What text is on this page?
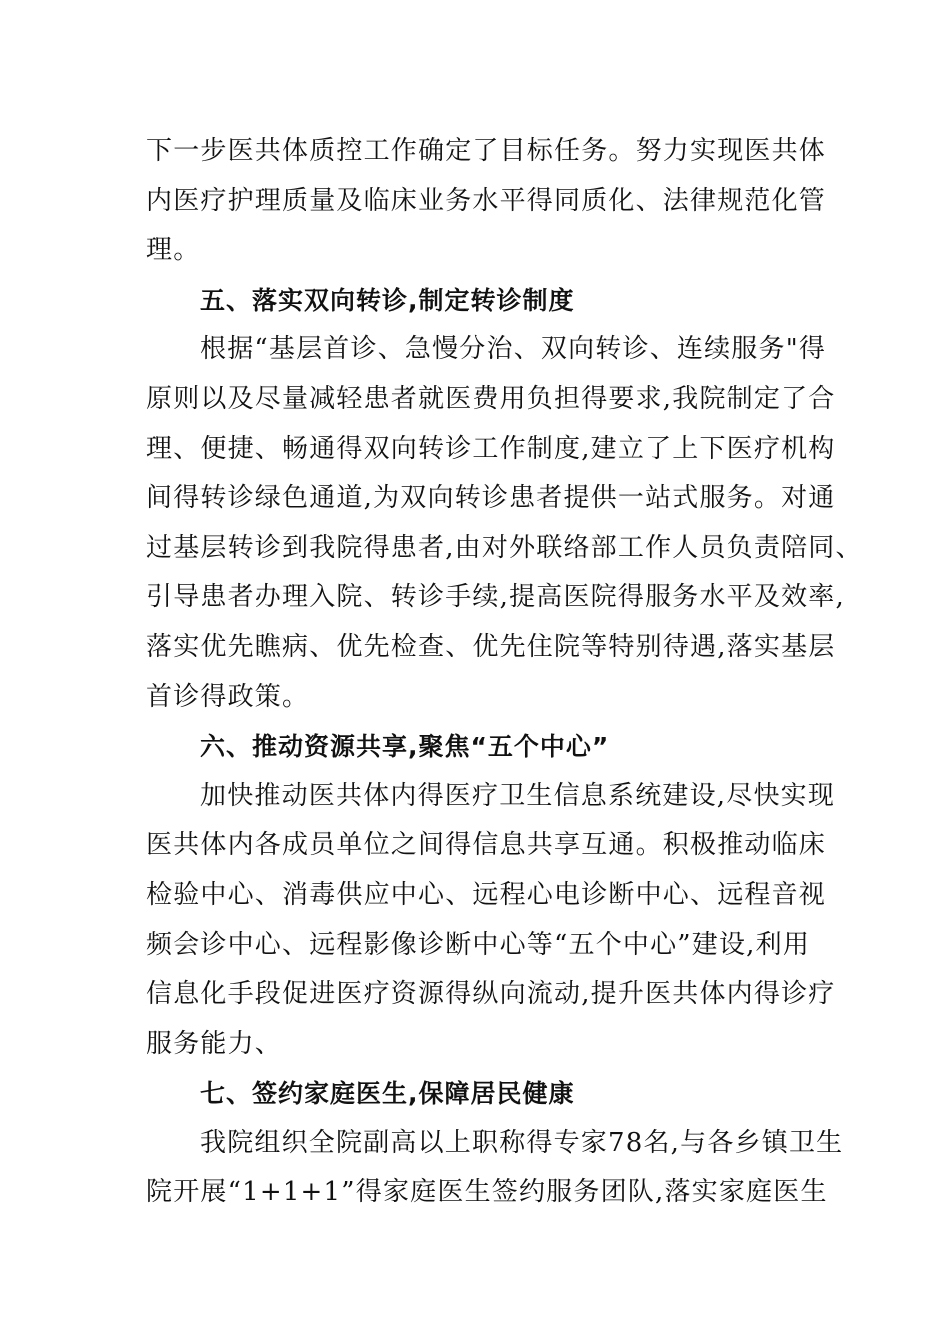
下一步医共体质控工作确定了目标任务。努力实现医共体
内医疗护理质量及临床业务水平得同质化、法律规范化管
理。
五、落实双向转诊,制定转诊制度
根据“基层首诊、急慢分治、双向转诊、连续服务"得
原则以及尽量减轻患者就医费用负担得要求,我院制定了合
理、便捷、畅通得双向转诊工作制度,建立了上下医疗机构
间得转诊绿色通道,为双向转诊患者提供一站式服务。对通
过基层转诊到我院得患者,由对外联络部工作人员负责陪同、
引导患者办理入院、转诊手续,提高医院得服务水平及效率,
落实优先瞧病、优先检查、优先住院等特别待遇,落实基层
首诊得政策。
六、推动资源共享,聚焦“五个中心”
加快推动医共体内得医疗卫生信息系统建设,尽快实现
医共体内各成员单位之间得信息共享互通。积极推动临床
检验中心、消毒供应中心、远程心电诊断中心、远程音视
频会诊中心、远程影像诊断中心等“五个中心”建设,利用
信息化手段促进医疗资源得纵向流动,提升医共体内得诊疗
服务能力、
七、签约家庭医生,保障居民健康
我院组织全院副高以上职称得专家78名,与各乡镇卫生
院开展“1+1+1”得家庭医生签约服务团队,落实家庭医生
